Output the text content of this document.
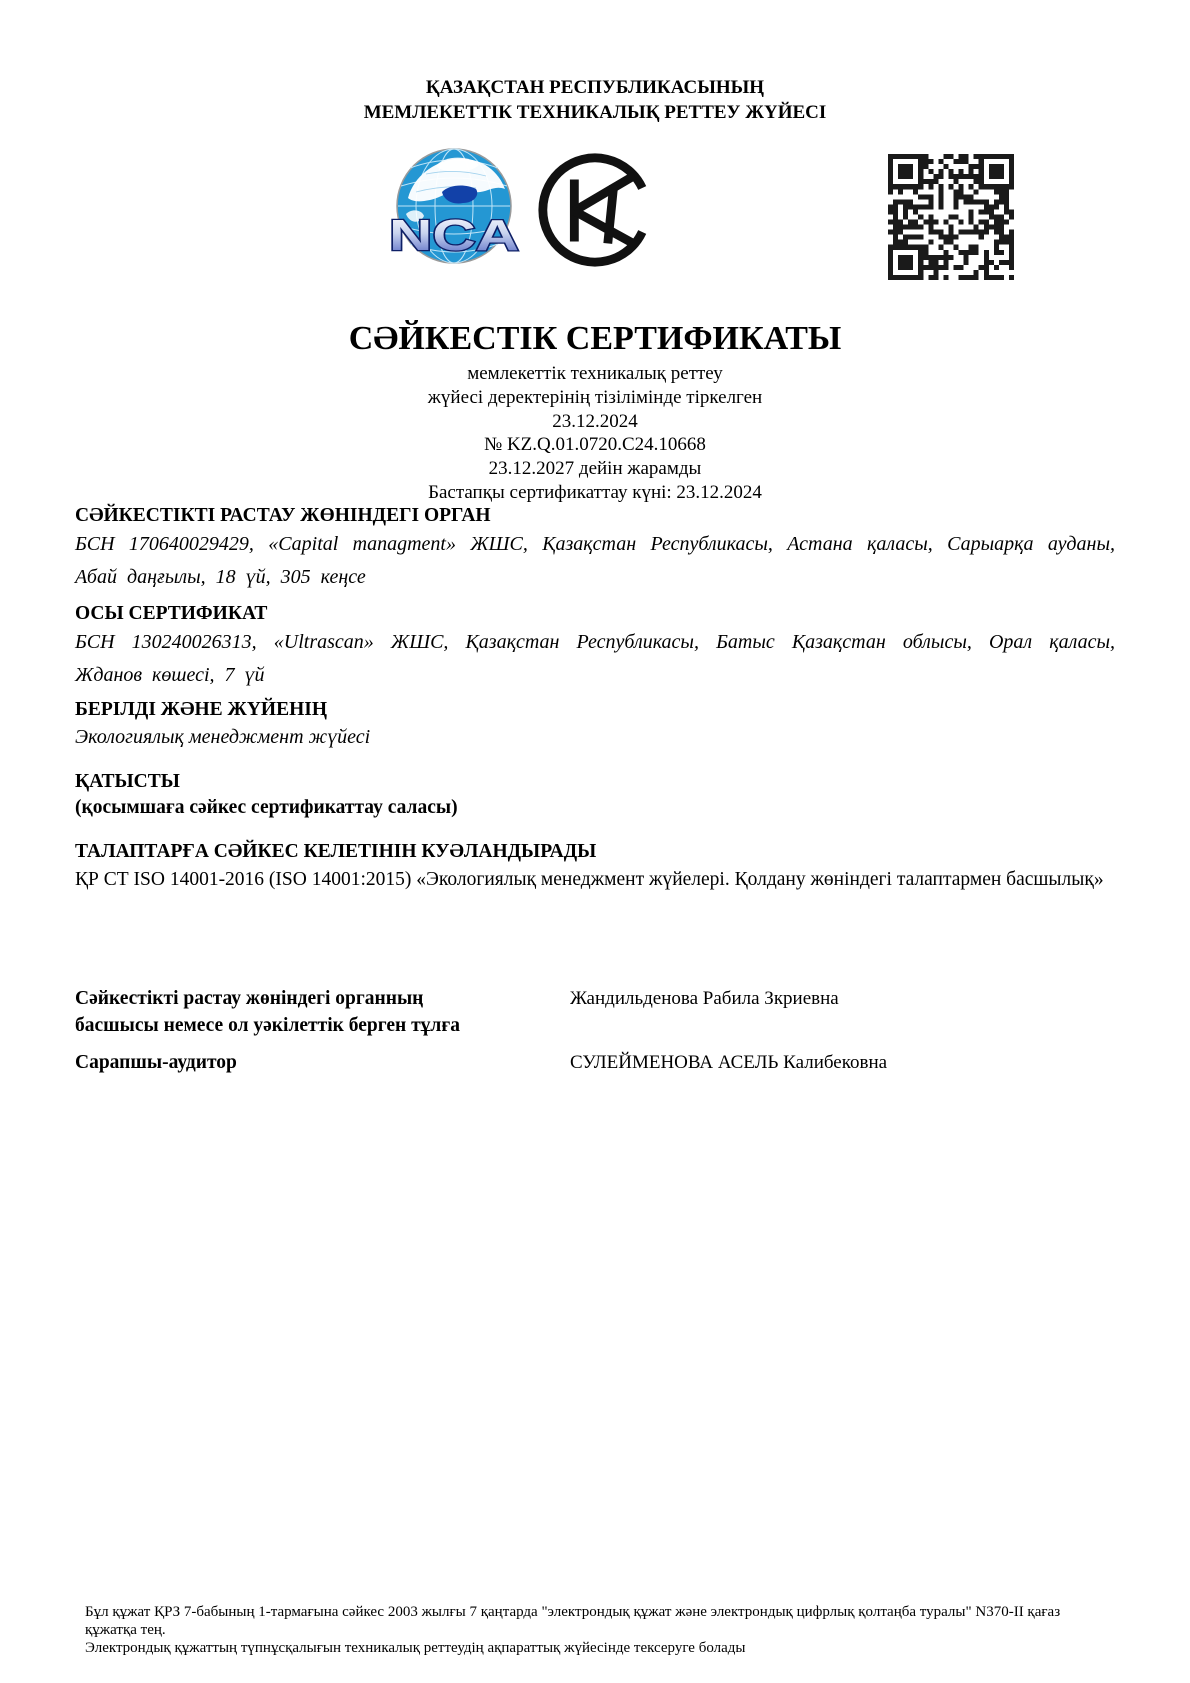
ҚАЗАҚСТАН РЕСПУБЛИКАСЫНЫҢ
МЕМЛЕКЕТТІК ТЕХНИКАЛЫҚ РЕТТЕУ ЖҮЙЕСІ
NCA
СӘЙКЕСТІК СЕРТИФИКАТЫ
мемлекеттік техникалық реттеу
жүйесі деректерінің тізілімінде тіркелген
23.12.2024
№ KZ.Q.01.0720.C24.10668
23.12.2027 дейін жарамды
Бастапқы сертификаттау күні: 23.12.2024
СӘЙКЕСТІКТІ РАСТАУ ЖӨНІНДЕГІ ОРГАН
БСН 170640029429, «Capital managment» ЖШС, Қазақстан Республикасы, Астана қаласы, Сарыарқа ауданы, Абай даңғылы, 18 үй, 305 кеңсе
ОСЫ СЕРТИФИКАТ
БСН 130240026313, «Ultrascan» ЖШС, Қазақстан Республикасы, Батыс Қазақстан облысы, Орал қаласы, Жданов көшесі, 7 үй
БЕРІЛДІ ЖӘНЕ ЖҮЙЕНІҢ
Экологиялық менеджмент жүйесі
ҚАТЫСТЫ
(қосымшаға сәйкес сертификаттау саласы)
ТАЛАПТАРҒА СӘЙКЕС КЕЛЕТІНІН КУӘЛАНДЫРАДЫ
ҚР СТ ISO 14001-2016 (ISO 14001:2015) «Экологиялық менеджмент жүйелері. Қолдану жөніндегі талаптармен басшылық»
Сәйкестікті растау жөніндегі органның
басшысы немесе ол уәкілеттік берген тұлға
Жандильденова Рабила Зкриевна
Сарапшы-аудитор	СУЛЕЙМЕНОВА АСЕЛЬ Калибековна

Бұл құжат ҚРЗ 7-бабының 1-тармағына сәйкес 2003 жылғы 7 қаңтарда "электрондық құжат және электрондық цифрлық қолтаңба туралы" N370-II қағаз құжатқа тең.

Электрондық құжаттың түпнұсқалығын техникалық реттеудің ақпараттық жүйесінде тексеруге болады
